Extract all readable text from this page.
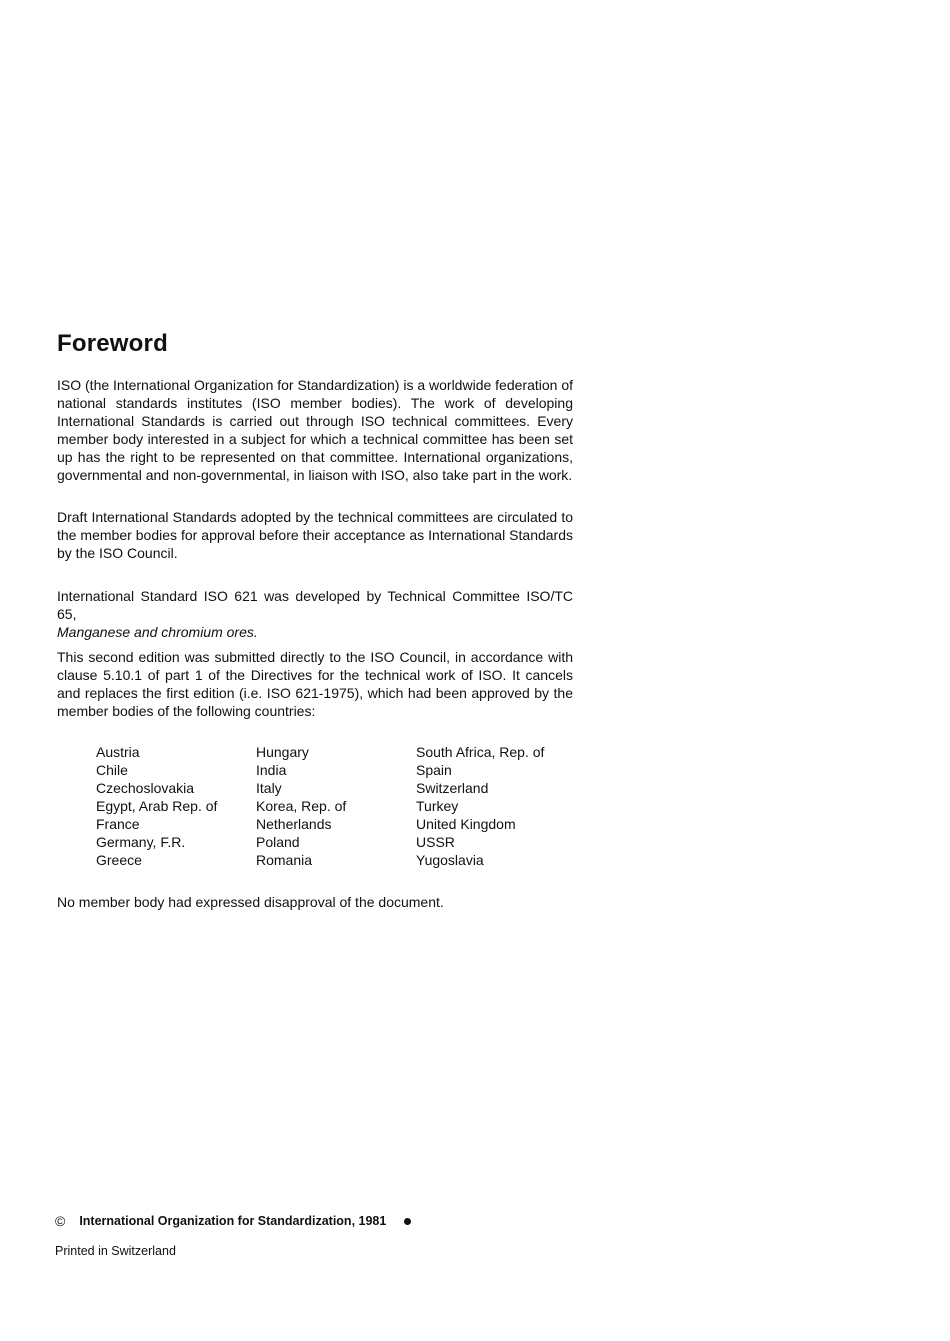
Foreword

ISO (the International Organization for Standardization) is a worldwide federation of national standards institutes (ISO member bodies). The work of developing International Standards is carried out through ISO technical committees. Every member body interested in a subject for which a technical committee has been set up has the right to be represented on that committee. International organizations, governmental and non-governmental, in liaison with ISO, also take part in the work.

Draft International Standards adopted by the technical committees are circulated to the member bodies for approval before their acceptance as International Standards by the ISO Council.

International Standard ISO 621 was developed by Technical Committee ISO/TC 65,
Manganese and chromium ores.

This second edition was submitted directly to the ISO Council, in accordance with clause 5.10.1 of part 1 of the Directives for the technical work of ISO. It cancels and replaces the first edition (i.e. ISO 621-1975), which had been approved by the member bodies of the following countries:

Austria
Chile
Czechoslovakia
Egypt, Arab Rep. of
France
Germany, F.R.
Greece
Hungary
India
Italy
Korea, Rep. of
Netherlands
Poland
Romania
South Africa, Rep. of
Spain
Switzerland
Turkey
United Kingdom
USSR
Yugoslavia

No member body had expressed disapproval of the document.

© International Organization for Standardization, 1981
Printed in Switzerland
